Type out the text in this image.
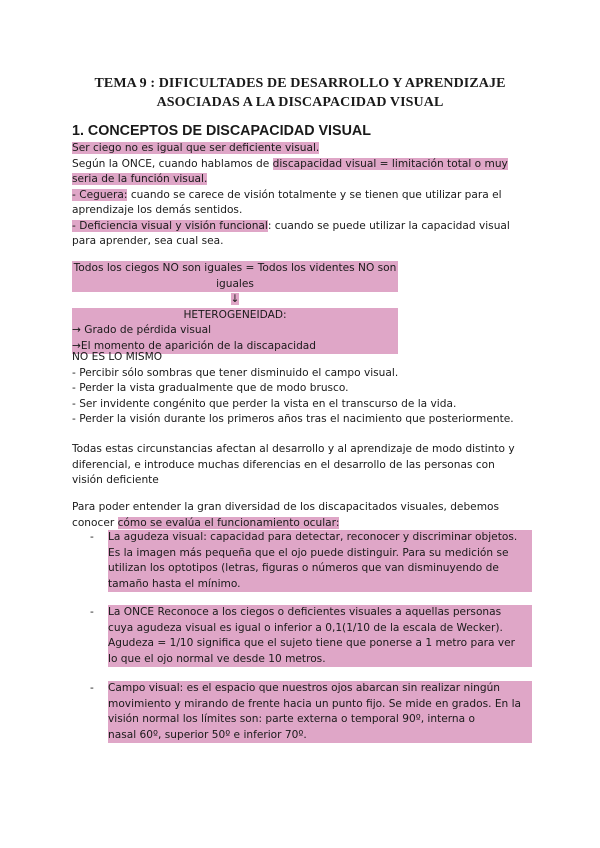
TEMA 9 : DIFICULTADES DE DESARROLLO Y APRENDIZAJE
ASOCIADAS A LA DISCAPACIDAD VISUAL
1. CONCEPTOS DE DISCAPACIDAD VISUAL

Ser ciego no es igual que ser deficiente visual.

Según la ONCE, cuando hablamos de discapacidad visual = limitación total o muy

seria de la función visual.

- Ceguera: cuando se carece de visión totalmente y se tienen que utilizar para el

aprendizaje los demás sentidos.

- Deficiencia visual y visión funcional: cuando se puede utilizar la capacidad visual

para aprender, sea cual sea.

Todos los ciegos NO son iguales = Todos los videntes NO son iguales
↓
HETEROGENEIDAD:
→ Grado de pérdida visual
→El momento de aparición de la discapacidad

NO ES LO MISMO

- Percibir sólo sombras que tener disminuido el campo visual.

- Perder la vista gradualmente que de modo brusco.

- Ser invidente congénito que perder la vista en el transcurso de la vida.

- Perder la visión durante los primeros años tras el nacimiento que posteriormente.

Todas estas circunstancias afectan al desarrollo y al aprendizaje de modo distinto y

diferencial, e introduce muchas diferencias en el desarrollo de las personas con

visión deficiente

Para poder entender la gran diversidad de los discapacitados visuales, debemos

conocer cómo se evalúa el funcionamiento ocular:

- La agudeza visual: capacidad para detectar, reconocer y discriminar objetos.
Es la imagen más pequeña que el ojo puede distinguir. Para su medición se
utilizan los optotipos (letras, figuras o números que van disminuyendo de
tamaño hasta el mínimo.
- La ONCE Reconoce a los ciegos o deficientes visuales a aquellas personas
cuya agudeza visual es igual o inferior a 0,1(1/10 de la escala de Wecker).
Agudeza = 1/10 significa que el sujeto tiene que ponerse a 1 metro para ver
lo que el ojo normal ve desde 10 metros.
- Campo visual: es el espacio que nuestros ojos abarcan sin realizar ningún
movimiento y mirando de frente hacia un punto fijo. Se mide en grados. En la
visión normal los límites son: parte externa o temporal 90º, interna o
nasal 60º, superior 50º e inferior 70º.
